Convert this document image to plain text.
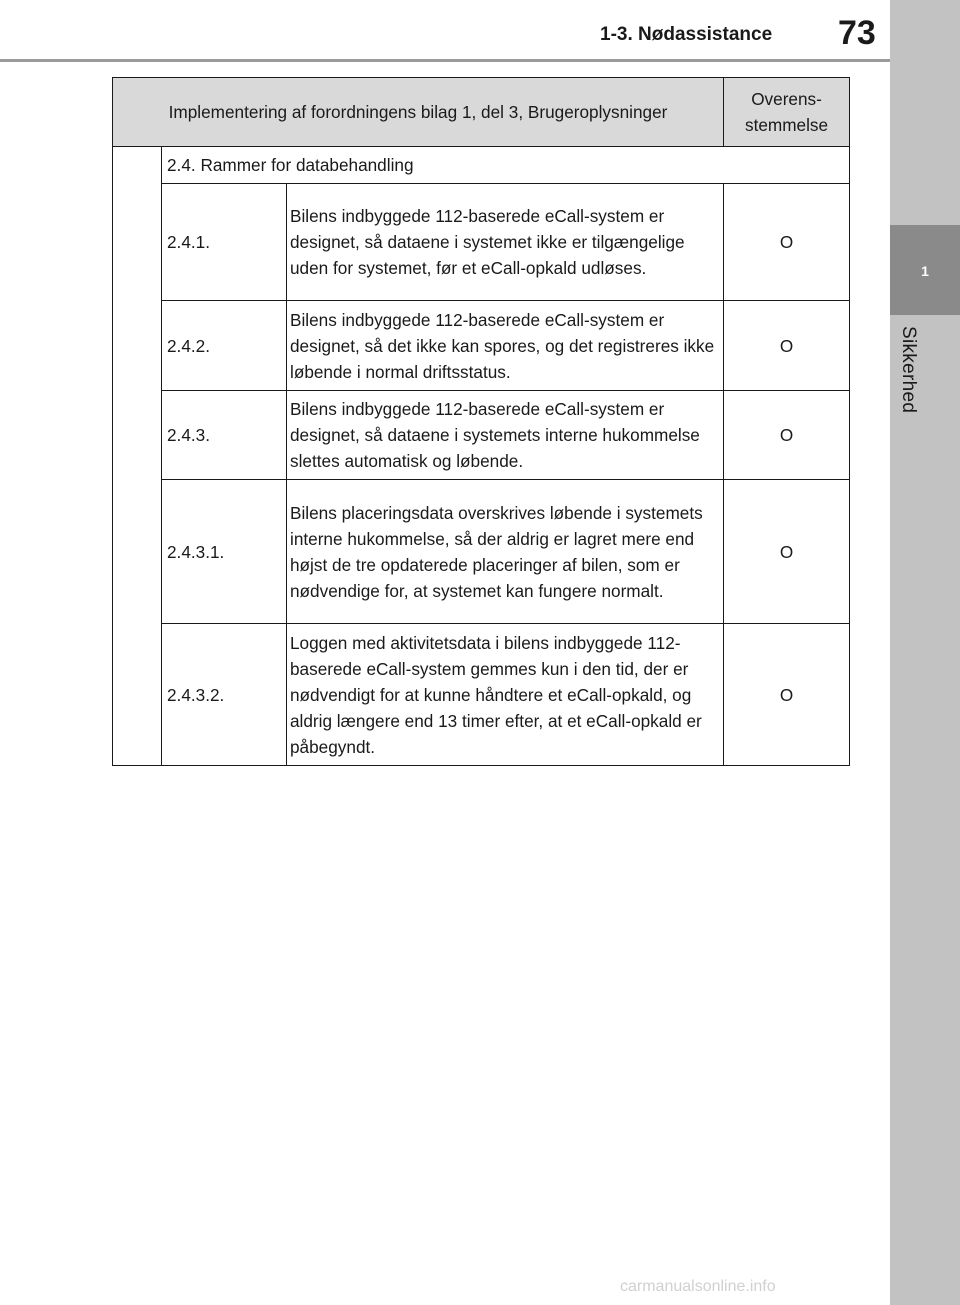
1-3. Nødassistance 73
1
Sikkerhed
Implementering af forordningens bilag 1, del 3, Brugeroplysninger			Overens-
stemmelse
	2.4. Rammer for databehandling		
	2.4.1.	Bilens indbyggede 112-baserede eCall-system er designet, så dataene i systemet ikke er tilgængelige uden for systemet, før et eCall-opkald udløses.	O
	2.4.2.	Bilens indbyggede 112-baserede eCall-system er designet, så det ikke kan spores, og det registreres ikke løbende i normal driftsstatus.	O
	2.4.3.	Bilens indbyggede 112-baserede eCall-system er designet, så dataene i systemets interne hukommelse slettes automatisk og løbende.	O
	2.4.3.1.	Bilens placeringsdata overskrives løbende i systemets interne hukommelse, så der aldrig er lagret mere end højst de tre opdaterede placeringer af bilen, som er nødvendige for, at systemet kan fungere normalt.	O
	2.4.3.2.	Loggen med aktivitetsdata i bilens indbyggede 112-baserede eCall-system gemmes kun i den tid, der er nødvendigt for at kunne håndtere et eCall-opkald, og aldrig længere end 13 timer efter, at et eCall-opkald er påbegyndt.	O
carmanualsonline.info
